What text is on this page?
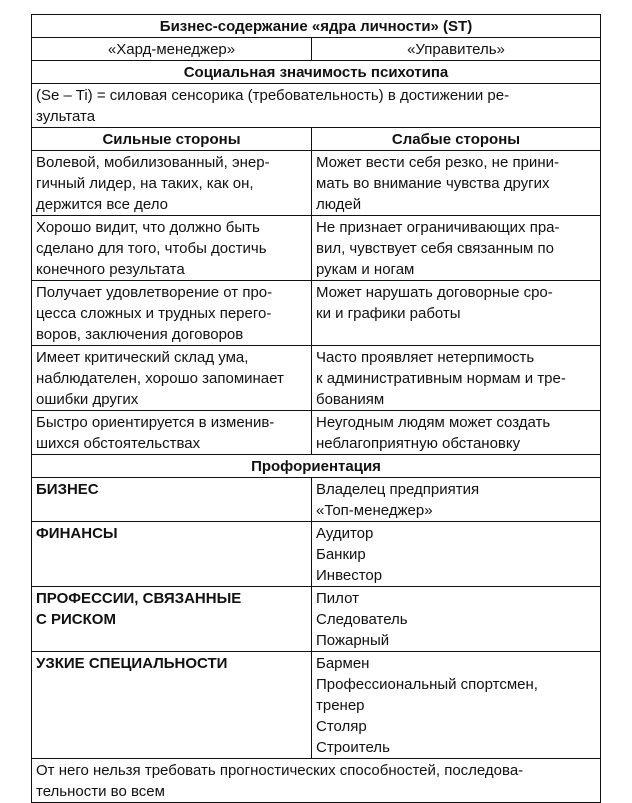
Бизнес-содержание «ядра личности» (ST)	
«Хард-менеджер»	«Управитель»
Социальная значимость психотипа	

(Se – Ti) = силовая сенсорика (требовательность) в достижении ре-
зультата	

Сильные стороны	Слабые стороны

Волевой, мобилизованный, энер-
гичный лидер, на таких, как он,
держится все дело	Может вести себя резко, не прини-
мать во внимание чувства других
людей

Хорошо видит, что должно быть
сделано для того, чтобы достичь
конечного результата	Не признает ограничивающих пра-
вил, чувствует себя связанным по
рукам и ногам

Получает удовлетворение от про-
цесса сложных и трудных перего-
воров, заключения договоров	Может нарушать договорные сро-
ки и графики работы

Имеет критический склад ума,
наблюдателен, хорошо запоминает
ошибки других	Часто проявляет нетерпимость
к административным нормам и тре-
бованиям

Быстро ориентируется в изменив-
шихся обстоятельствах	Неугодным людям может создать
неблагоприятную обстановку

Профориентация	

БИЗНЕС	Владелец предприятия
«Топ-менеджер»

ФИНАНСЫ	Аудитор
Банкир
Инвестор

ПРОФЕССИИ, СВЯЗАННЫЕ
С РИСКОМ	Пилот
Следователь
Пожарный

УЗКИЕ СПЕЦИАЛЬНОСТИ	Бармен
Профессиональный спортсмен,
тренер
Столяр
Строитель

От него нельзя требовать прогностических способностей, последова-
тельности во всем	
